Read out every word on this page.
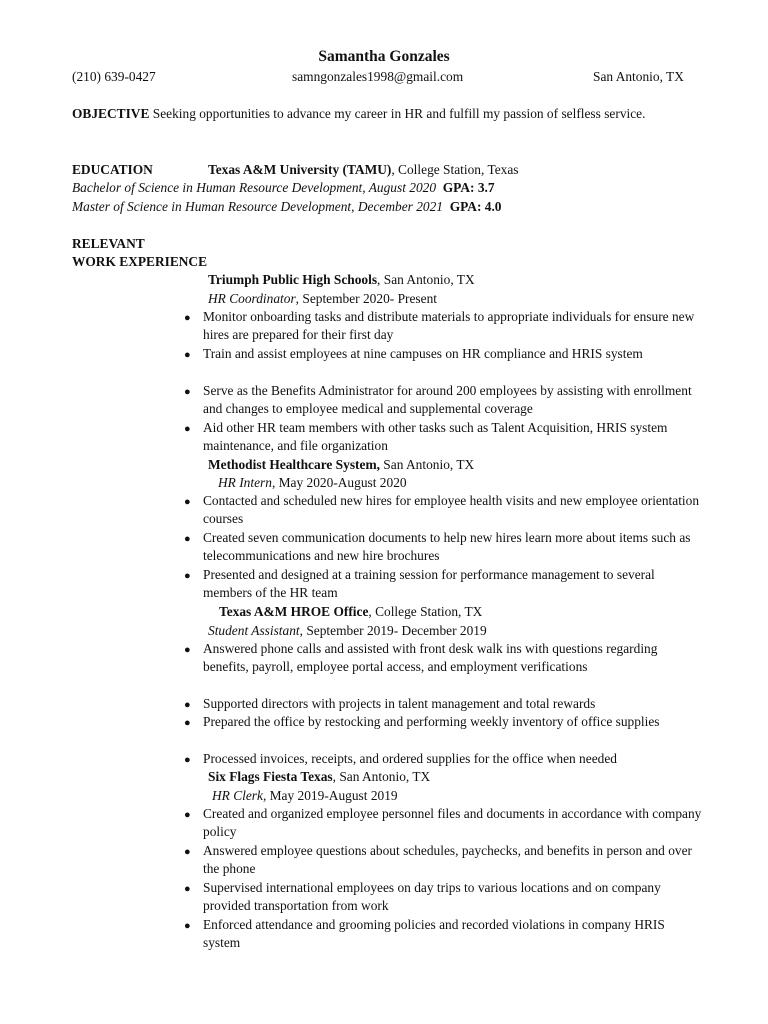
Samantha Gonzales
(210) 639-0427	samngonzales1998@gmail.com	San Antonio, TX
OBJECTIVE Seeking opportunities to advance my career in HR and fulfill my passion of selfless service.
EDUCATION	Texas A&M University (TAMU), College Station, Texas
Bachelor of Science in Human Resource Development, August 2020 GPA: 3.7
Master of Science in Human Resource Development, December 2021 GPA: 4.0
RELEVANT
WORK EXPERIENCE
Triumph Public High Schools, San Antonio, TX
HR Coordinator, September 2020- Present
● Monitor onboarding tasks and distribute materials to appropriate individuals for ensure new hires are prepared for their first day
● Train and assist employees at nine campuses on HR compliance and HRIS system
● Serve as the Benefits Administrator for around 200 employees by assisting with enrollment and changes to employee medical and supplemental coverage
● Aid other HR team members with other tasks such as Talent Acquisition, HRIS system maintenance, and file organization
Methodist Healthcare System, San Antonio, TX
HR Intern, May 2020-August 2020
● Contacted and scheduled new hires for employee health visits and new employee orientation courses
● Created seven communication documents to help new hires learn more about items such as telecommunications and new hire brochures
● Presented and designed at a training session for performance management to several members of the HR team
Texas A&M HROE Office, College Station, TX
Student Assistant, September 2019- December 2019
● Answered phone calls and assisted with front desk walk ins with questions regarding benefits, payroll, employee portal access, and employment verifications
● Supported directors with projects in talent management and total rewards
● Prepared the office by restocking and performing weekly inventory of office supplies
● Processed invoices, receipts, and ordered supplies for the office when needed
Six Flags Fiesta Texas, San Antonio, TX
HR Clerk, May 2019-August 2019
● Created and organized employee personnel files and documents in accordance with company policy
● Answered employee questions about schedules, paychecks, and benefits in person and over the phone
● Supervised international employees on day trips to various locations and on company provided transportation from work
● Enforced attendance and grooming policies and recorded violations in company HRIS system
